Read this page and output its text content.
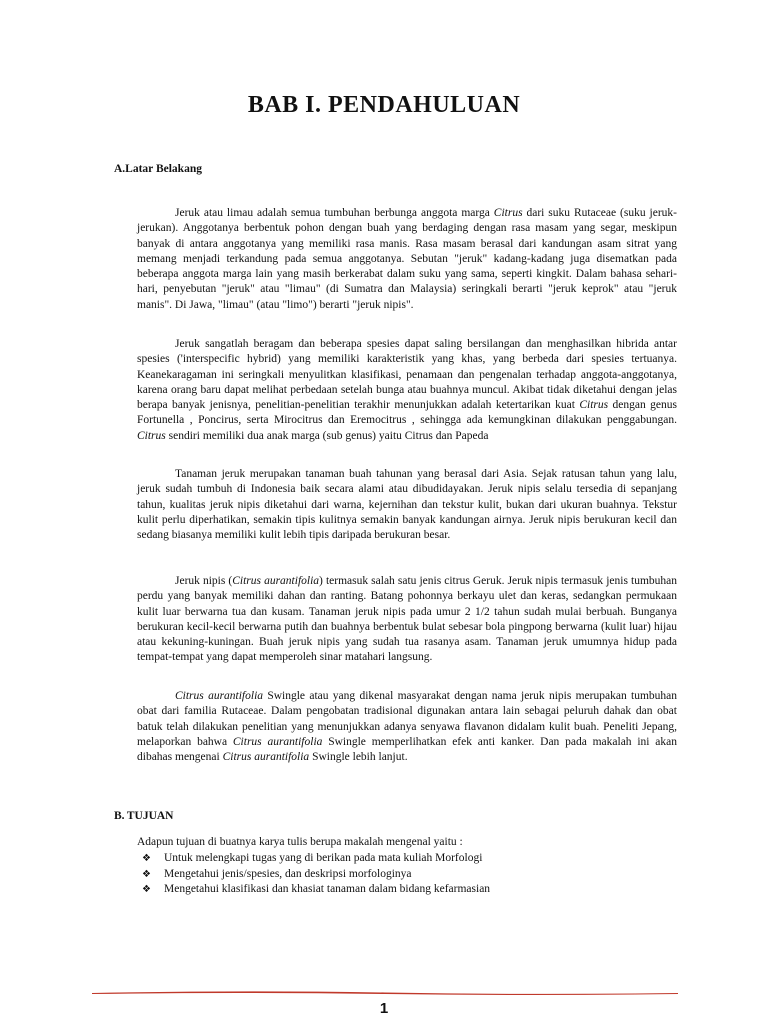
BAB I. PENDAHULUAN
A.Latar Belakang
Jeruk atau limau adalah semua tumbuhan berbunga anggota marga Citrus dari suku Rutaceae (suku jeruk-jerukan). Anggotanya berbentuk pohon dengan buah yang berdaging dengan rasa masam yang segar, meskipun banyak di antara anggotanya yang memiliki rasa manis. Rasa masam berasal dari kandungan asam sitrat yang memang menjadi terkandung pada semua anggotanya. Sebutan "jeruk" kadang-kadang juga disematkan pada beberapa anggota marga lain yang masih berkerabat dalam suku yang sama, seperti kingkit. Dalam bahasa sehari-hari, penyebutan "jeruk" atau "limau" (di Sumatra dan Malaysia) seringkali berarti "jeruk keprok" atau "jeruk manis". Di Jawa, "limau" (atau "limo") berarti "jeruk nipis".
Jeruk sangatlah beragam dan beberapa spesies dapat saling bersilangan dan menghasilkan hibrida antar spesies ('interspecific hybrid) yang memiliki karakteristik yang khas, yang berbeda dari spesies tertuanya. Keanekaragaman ini seringkali menyulitkan klasifikasi, penamaan dan pengenalan terhadap anggota-anggotanya, karena orang baru dapat melihat perbedaan setelah bunga atau buahnya muncul. Akibat tidak diketahui dengan jelas berapa banyak jenisnya, penelitian-penelitian terakhir menunjukkan adalah ketertarikan kuat Citrus dengan genus Fortunella , Poncirus, serta Mirocitrus dan Eremocitrus , sehingga ada kemungkinan dilakukan penggabungan. Citrus sendiri memiliki dua anak marga (sub genus) yaitu Citrus dan Papeda
Tanaman jeruk merupakan tanaman buah tahunan yang berasal dari Asia. Sejak ratusan tahun yang lalu, jeruk sudah tumbuh di Indonesia baik secara alami atau dibudidayakan. Jeruk nipis selalu tersedia di sepanjang tahun, kualitas jeruk nipis diketahui dari warna, kejernihan dan tekstur kulit, bukan dari ukuran buahnya. Tekstur kulit perlu diperhatikan, semakin tipis kulitnya semakin banyak kandungan airnya. Jeruk nipis berukuran kecil dan sedang biasanya memiliki kulit lebih tipis daripada berukuran besar.
Jeruk nipis (Citrus aurantifolia) termasuk salah satu jenis citrus Geruk. Jeruk nipis termasuk jenis tumbuhan perdu yang banyak memiliki dahan dan ranting. Batang pohonnya berkayu ulet dan keras, sedangkan permukaan kulit luar berwarna tua dan kusam. Tanaman jeruk nipis pada umur 2 1/2 tahun sudah mulai berbuah. Bunganya berukuran kecil-kecil berwarna putih dan buahnya berbentuk bulat sebesar bola pingpong berwarna (kulit luar) hijau atau kekuning-kuningan. Buah jeruk nipis yang sudah tua rasanya asam. Tanaman jeruk umumnya hidup pada tempat-tempat yang dapat memperoleh sinar matahari langsung.
Citrus aurantifolia Swingle atau yang dikenal masyarakat dengan nama jeruk nipis merupakan tumbuhan obat dari familia Rutaceae. Dalam pengobatan tradisional digunakan antara lain sebagai peluruh dahak dan obat batuk telah dilakukan penelitian yang menunjukkan adanya senyawa flavanon didalam kulit buah. Peneliti Jepang, melaporkan bahwa Citrus aurantifolia Swingle memperlihatkan efek anti kanker. Dan pada makalah ini akan dibahas mengenai Citrus aurantifolia Swingle lebih lanjut.
B. TUJUAN
Adapun tujuan di buatnya karya tulis berupa makalah mengenal yaitu :
❖	Untuk melengkapi tugas yang di berikan pada mata kuliah Morfologi
❖	Mengetahui jenis/spesies, dan deskripsi morfologinya
❖	Mengetahui klasifikasi dan khasiat tanaman dalam bidang kefarmasian
1
